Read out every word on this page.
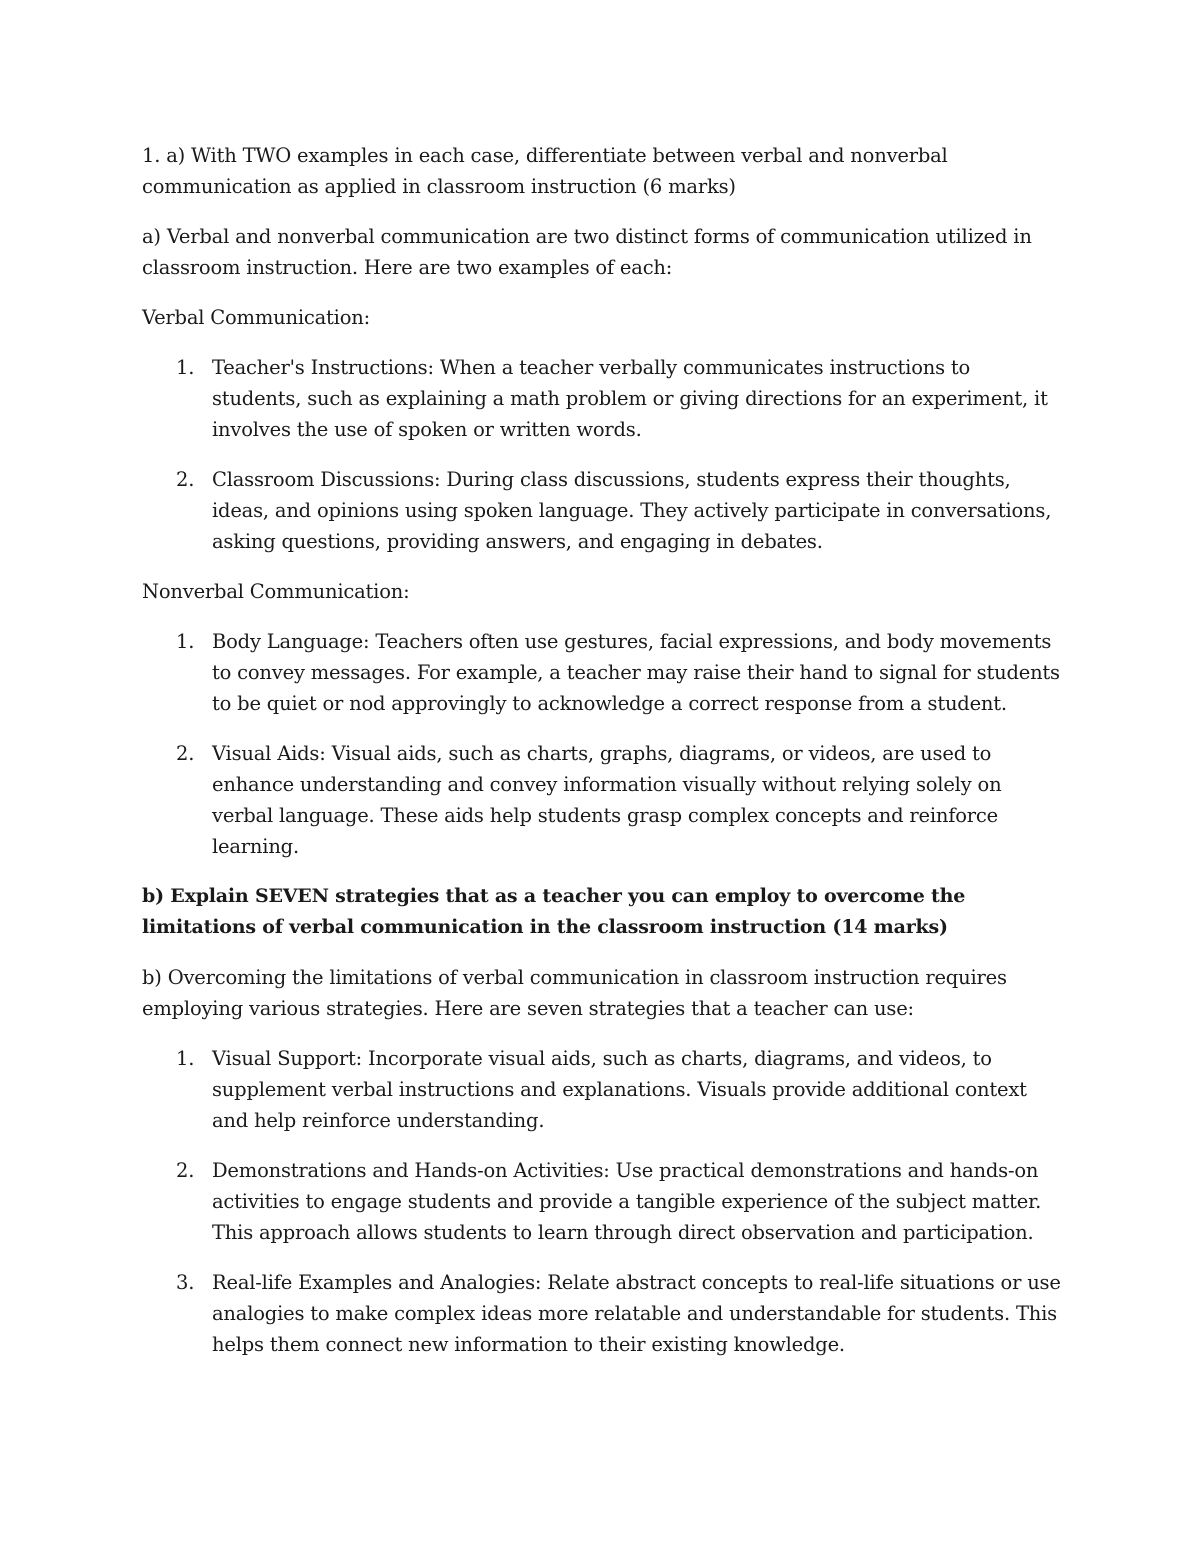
1. a) With TWO examples in each case, differentiate between verbal and nonverbal communication as applied in classroom instruction (6 marks)

a) Verbal and nonverbal communication are two distinct forms of communication utilized in classroom instruction. Here are two examples of each:

Verbal Communication:

1. Teacher's Instructions: When a teacher verbally communicates instructions to students, such as explaining a math problem or giving directions for an experiment, it involves the use of spoken or written words.
2. Classroom Discussions: During class discussions, students express their thoughts, ideas, and opinions using spoken language. They actively participate in conversations, asking questions, providing answers, and engaging in debates.

Nonverbal Communication:

1. Body Language: Teachers often use gestures, facial expressions, and body movements to convey messages. For example, a teacher may raise their hand to signal for students to be quiet or nod approvingly to acknowledge a correct response from a student.
2. Visual Aids: Visual aids, such as charts, graphs, diagrams, or videos, are used to enhance understanding and convey information visually without relying solely on verbal language. These aids help students grasp complex concepts and reinforce learning.

b) Explain SEVEN strategies that as a teacher you can employ to overcome the limitations of verbal communication in the classroom instruction (14 marks)

b) Overcoming the limitations of verbal communication in classroom instruction requires employing various strategies. Here are seven strategies that a teacher can use:

1. Visual Support: Incorporate visual aids, such as charts, diagrams, and videos, to supplement verbal instructions and explanations. Visuals provide additional context and help reinforce understanding.
2. Demonstrations and Hands-on Activities: Use practical demonstrations and hands-on activities to engage students and provide a tangible experience of the subject matter. This approach allows students to learn through direct observation and participation.
3. Real-life Examples and Analogies: Relate abstract concepts to real-life situations or use analogies to make complex ideas more relatable and understandable for students. This helps them connect new information to their existing knowledge.
